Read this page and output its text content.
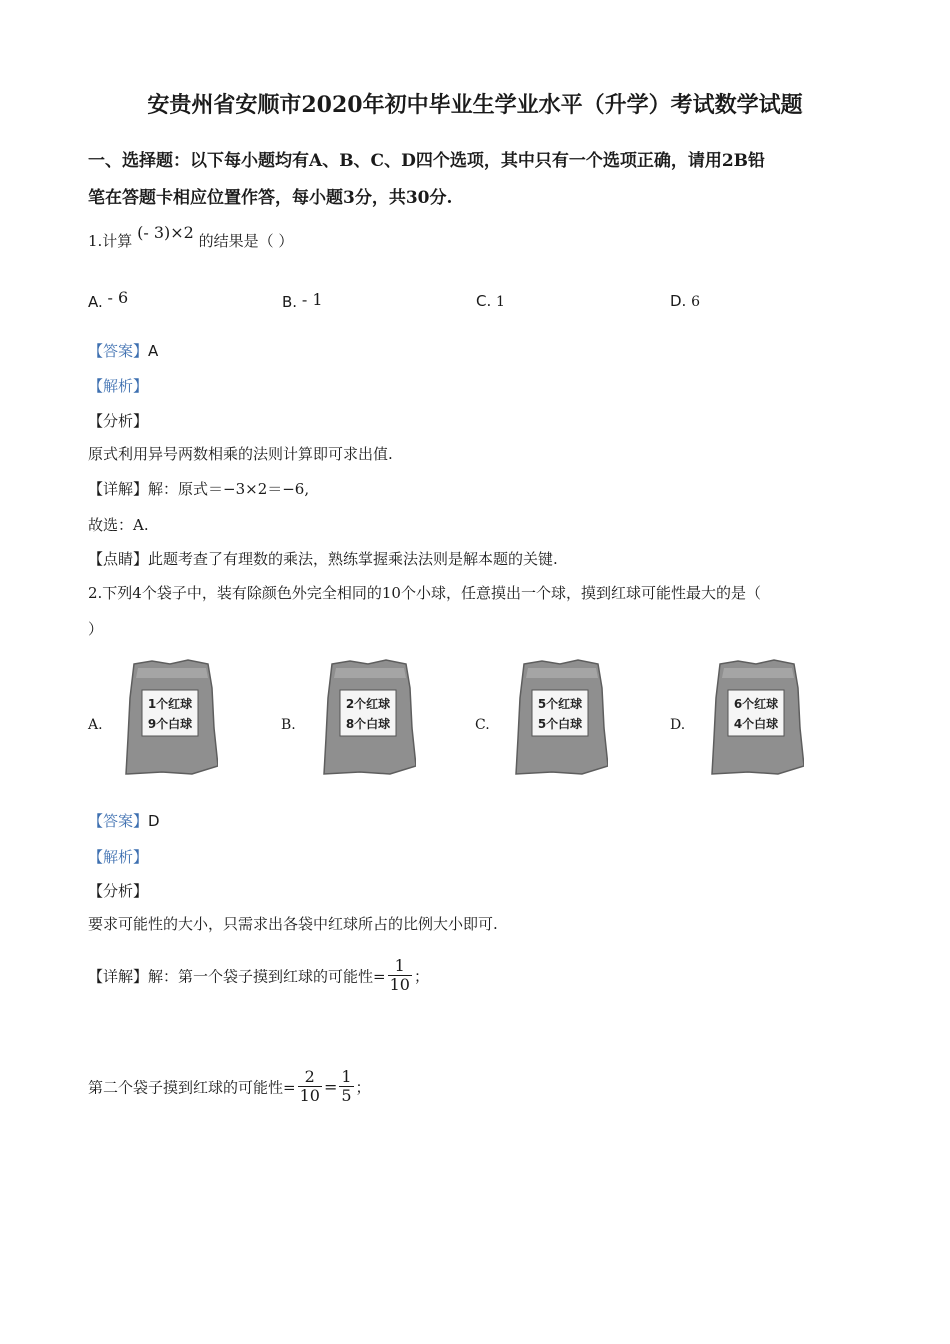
安贵州省安顺市2020年初中毕业生学业水平（升学）考试数学试题
一、选择题：以下每小题均有A、B、C、D四个选项，其中只有一个选项正确，请用2B铅
笔在答题卡相应位置作答，每小题3分，共30分.
1.计算 (- 3)×2 的结果是（ ）
A. - 6	B. - 1	C. 1	D. 6
【答案】A
【解析】
【分析】
原式利用异号两数相乘的法则计算即可求出值.
【详解】解：原式＝−3×2＝−6,
故选：A.
【点睛】此题考查了有理数的乘法，熟练掌握乘法法则是解本题的关键.
2.下列4个袋子中，装有除颜色外完全相同的10个小球，任意摸出一个球，摸到红球可能性最大的是（
）
A.	B.	C.	D.
1个红球
9个白球
2个红球
8个白球
5个红球
5个白球
6个红球
4个白球
【答案】D
【解析】
【分析】
要求可能性的大小，只需求出各袋中红球所占的比例大小即可.
【详解】解：第一个袋子摸到红球的可能性= $\frac{1}{10}$ ；
第二个袋子摸到红球的可能性= $\frac{2}{10} = \frac{1}{5}$ ；
